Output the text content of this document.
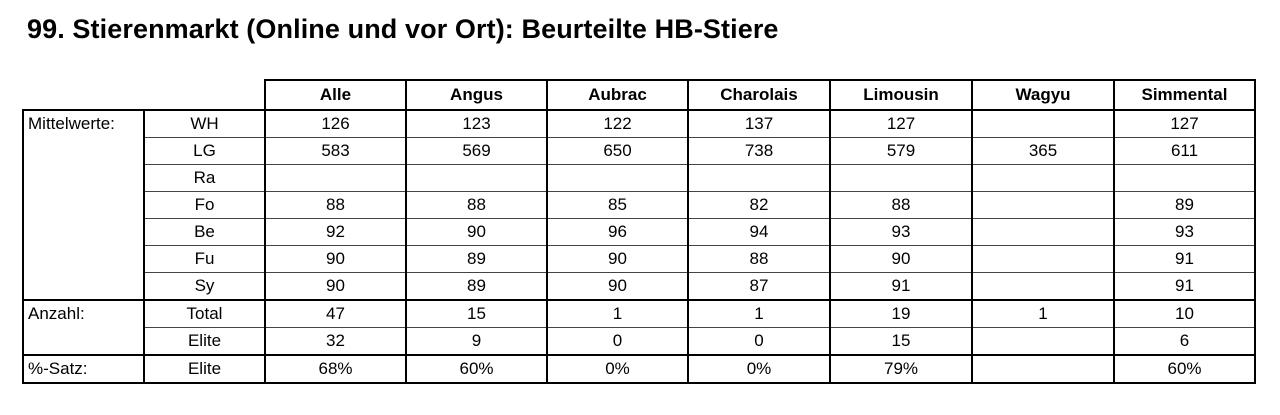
99. Stierenmarkt (Online und vor Ort): Beurteilte HB-Stiere
		Alle	Angus	Aubrac	Charolais	Limousin	Wagyu	Simmental
Mittelwerte:	WH	126	123	122	137	127		127
	LG	583	569	650	738	579	365	611
	Ra							
	Fo	88	88	85	82	88		89
	Be	92	90	96	94	93		93
	Fu	90	89	90	88	90		91
	Sy	90	89	90	87	91		91
Anzahl:	Total	47	15	1	1	19	1	10
	Elite	32	9	0	0	15		6
%-Satz:	Elite	68%	60%	0%	0%	79%		60%
